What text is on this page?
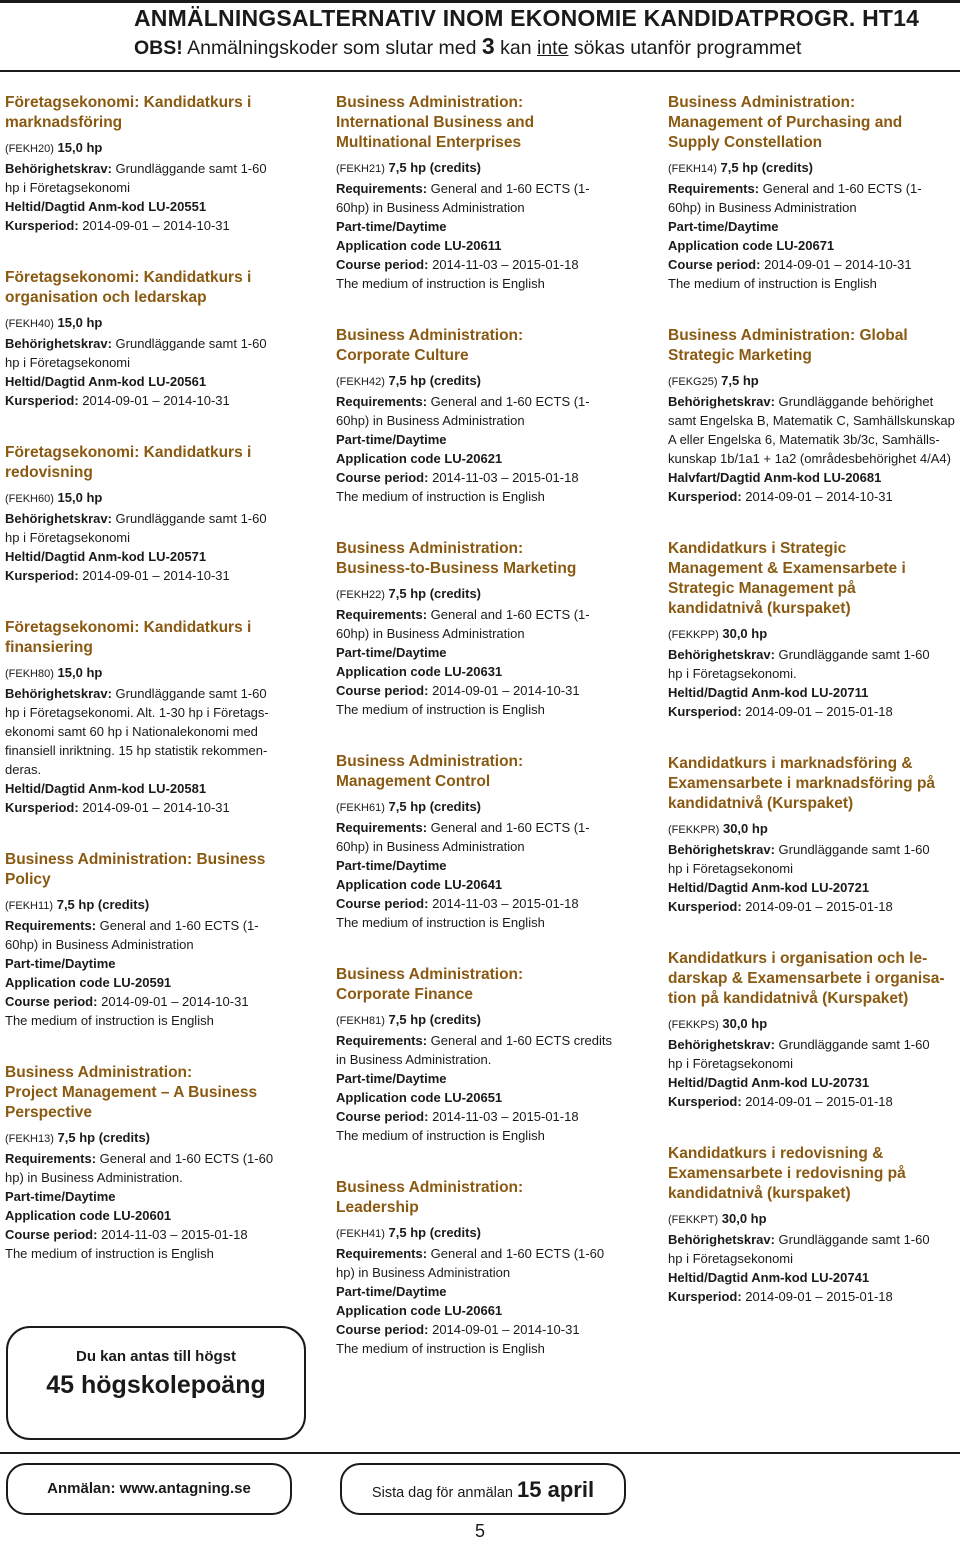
ANMÄLNINGSALTERNATIV INOM EKONOMIE KANDIDATPROGR. HT14
OBS! Anmälningskoder som slutar med 3 kan inte sökas utanför programmet
Företagsekonomi: Kandidatkurs i
marknadsföring
(FEKH20) 15,0 hp
Behörighetskrav: Grundläggande samt 1-60
hp i Företagsekonomi
Heltid/Dagtid Anm-kod LU-20551
Kursperiod: 2014-09-01 – 2014-10-31
Företagsekonomi: Kandidatkurs i
organisation och ledarskap
(FEKH40) 15,0 hp
Behörighetskrav: Grundläggande samt 1-60
hp i Företagsekonomi
Heltid/Dagtid Anm-kod LU-20561
Kursperiod: 2014-09-01 – 2014-10-31
Företagsekonomi: Kandidatkurs i
redovisning
(FEKH60) 15,0 hp
Behörighetskrav: Grundläggande samt 1-60
hp i Företagsekonomi
Heltid/Dagtid Anm-kod LU-20571
Kursperiod: 2014-09-01 – 2014-10-31
Företagsekonomi: Kandidatkurs i
finansiering
(FEKH80) 15,0 hp
Behörighetskrav: Grundläggande samt 1-60
hp i Företagsekonomi. Alt. 1-30 hp i Företags-
ekonomi samt 60 hp i Nationalekonomi med
finansiell inriktning. 15 hp statistik rekommen-
deras.
Heltid/Dagtid Anm-kod LU-20581
Kursperiod: 2014-09-01 – 2014-10-31
Business Administration: Business
Policy
(FEKH11) 7,5 hp (credits)
Requirements: General and 1-60 ECTS (1-
60hp) in Business Administration
Part-time/Daytime
Application code LU-20591
Course period: 2014-09-01 – 2014-10-31
The medium of instruction is English
Business Administration:
Project Management – A Business
Perspective
(FEKH13) 7,5 hp (credits)
Requirements: General and 1-60 ECTS (1-60
hp) in Business Administration.
Part-time/Daytime
Application code LU-20601
Course period: 2014-11-03 – 2015-01-18
The medium of instruction is English
Business Administration:
International Business and
Multinational Enterprises
(FEKH21) 7,5 hp (credits)
Requirements: General and 1-60 ECTS (1-
60hp) in Business Administration
Part-time/Daytime
Application code LU-20611
Course period: 2014-11-03 – 2015-01-18
The medium of instruction is English
Business Administration:
Corporate Culture
(FEKH42) 7,5 hp (credits)
Requirements: General and 1-60 ECTS (1-
60hp) in Business Administration
Part-time/Daytime
Application code LU-20621
Course period: 2014-11-03 – 2015-01-18
The medium of instruction is English
Business Administration:
Business-to-Business Marketing
(FEKH22) 7,5 hp (credits)
Requirements: General and 1-60 ECTS (1-
60hp) in Business Administration
Part-time/Daytime
Application code LU-20631
Course period: 2014-09-01 – 2014-10-31
The medium of instruction is English
Business Administration:
Management Control
(FEKH61) 7,5 hp (credits)
Requirements: General and 1-60 ECTS (1-
60hp) in Business Administration
Part-time/Daytime
Application code LU-20641
Course period: 2014-11-03 – 2015-01-18
The medium of instruction is English
Business Administration:
Corporate Finance
(FEKH81) 7,5 hp (credits)
Requirements: General and 1-60 ECTS credits
in Business Administration.
Part-time/Daytime
Application code LU-20651
Course period: 2014-11-03 – 2015-01-18
The medium of instruction is English
Business Administration:
Leadership
(FEKH41) 7,5 hp (credits)
Requirements: General and 1-60 ECTS (1-60
hp) in Business Administration
Part-time/Daytime
Application code LU-20661
Course period: 2014-09-01 – 2014-10-31
The medium of instruction is English
Business Administration:
Management of Purchasing and
Supply Constellation
(FEKH14) 7,5 hp (credits)
Requirements: General and 1-60 ECTS (1-
60hp) in Business Administration
Part-time/Daytime
Application code LU-20671
Course period: 2014-09-01 – 2014-10-31
The medium of instruction is English
Business Administration: Global
Strategic Marketing
(FEKG25) 7,5 hp
Behörighetskrav: Grundläggande behörighet
samt Engelska B, Matematik C, Samhällskunskap
A eller Engelska 6, Matematik 3b/3c, Samhälls-
kunskap 1b/1a1 + 1a2 (områdesbehörighet 4/A4)
Halvfart/Dagtid Anm-kod LU-20681
Kursperiod: 2014-09-01 – 2014-10-31
Kandidatkurs i Strategic
Management & Examensarbete i
Strategic Management på
kandidatnivå (kurspaket)
(FEKKPP) 30,0 hp
Behörighetskrav: Grundläggande samt 1-60
hp i Företagsekonomi.
Heltid/Dagtid Anm-kod LU-20711
Kursperiod: 2014-09-01 – 2015-01-18
Kandidatkurs i marknadsföring &
Examensarbete i marknadsföring på
kandidatnivå (Kurspaket)
(FEKKPR) 30,0 hp
Behörighetskrav: Grundläggande samt 1-60
hp i Företagsekonomi
Heltid/Dagtid Anm-kod LU-20721
Kursperiod: 2014-09-01 – 2015-01-18
Kandidatkurs i organisation och le-
darskap & Examensarbete i organisa-
tion på kandidatnivå (Kurspaket)
(FEKKPS) 30,0 hp
Behörighetskrav: Grundläggande samt 1-60
hp i Företagsekonomi
Heltid/Dagtid Anm-kod LU-20731
Kursperiod: 2014-09-01 – 2015-01-18
Kandidatkurs i redovisning &
Examensarbete i redovisning på
kandidatnivå (kurspaket)
(FEKKPT) 30,0 hp
Behörighetskrav: Grundläggande samt 1-60
hp i Företagsekonomi
Heltid/Dagtid Anm-kod LU-20741
Kursperiod: 2014-09-01 – 2015-01-18
Du kan antas till högst
45 högskolepoäng
Anmälan: www.antagning.se	Sista dag för anmälan 15 april
5
